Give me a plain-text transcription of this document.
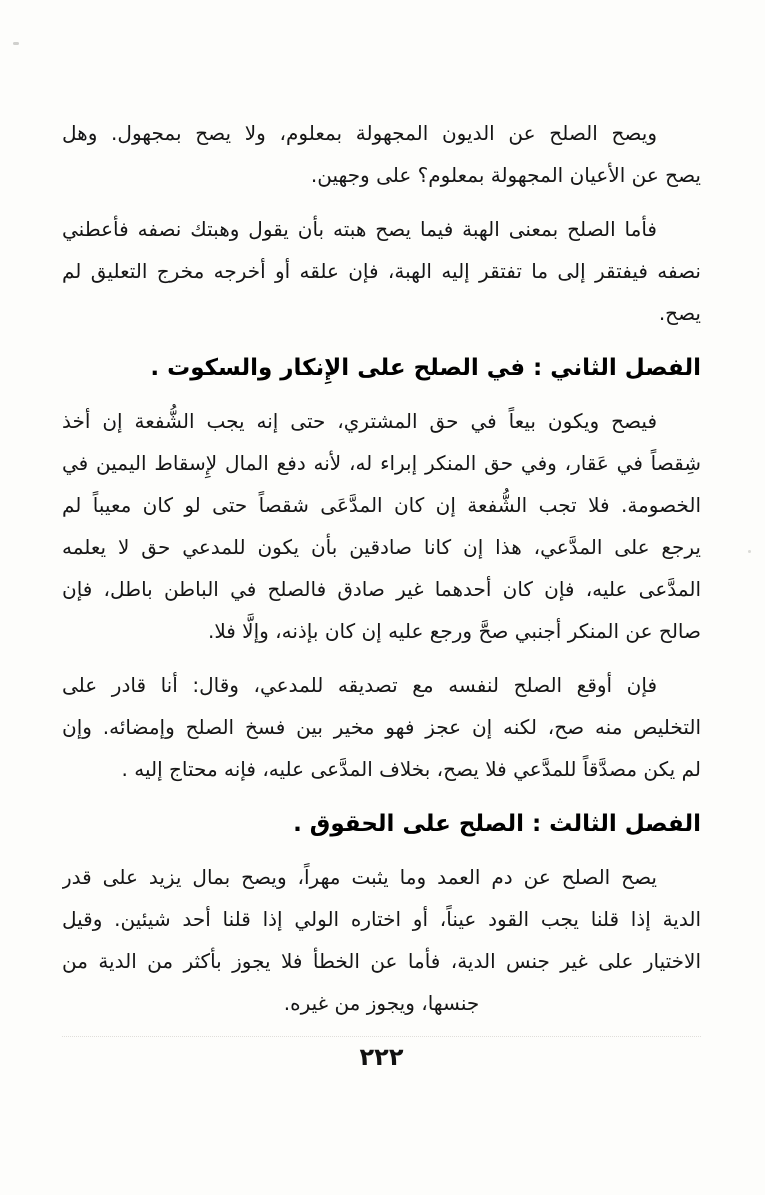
ويصح الصلح عن الديون المجهولة بمعلوم، ولا يصح بمجهول. وهل
يصح عن الأعيان المجهولة بمعلوم؟ على وجهين.
فأما الصلح بمعنى الهبة فيما يصح هبته بأن يقول وهبتك نصفه فأعطني
نصفه فيفتقر إلى ما تفتقر إليه الهبة، فإن علقه أو أخرجه مخرج التعليق لم
يصح.
الفصل الثاني : في الصلح على الإِنكار والسكوت .
فيصح ويكون بيعاً في حق المشتري، حتى إنه يجب الشُّفعة إن أخذ
شِقصاً في عَقار، وفي حق المنكر إبراء له، لأنه دفع المال لإِسقاط اليمين في
الخصومة. فلا تجب الشُّفعة إن كان المدَّعَى شقصاً حتى لو كان معيباً لم
يرجع على المدَّعي، هذا إن كانا صادقين بأن يكون للمدعي حق لا يعلمه
المدَّعى عليه، فإن كان أحدهما غير صادق فالصلح في الباطن باطل، فإن
صالح عن المنكر أجنبي صحَّ ورجع عليه إن كان بإذنه، وإلَّا فلا.
فإن أوقع الصلح لنفسه مع تصديقه للمدعي، وقال: أنا قادر على
التخليص منه صح، لكنه إن عجز فهو مخير بين فسخ الصلح وإمضائه. وإن
لم يكن مصدَّقاً للمدَّعي فلا يصح، بخلاف المدَّعى عليه، فإنه محتاج إليه .
الفصل الثالث : الصلح على الحقوق .
يصح الصلح عن دم العمد وما يثبت مهراً، ويصح بمال يزيد على قدر
الدية إذا قلنا يجب القود عيناً، أو اختاره الولي إذا قلنا أحد شيئين. وقيل
الاختيار على غير جنس الدية، فأما عن الخطأ فلا يجوز بأكثر من الدية من
جنسها، ويجوز من غيره.
٢٢٢
